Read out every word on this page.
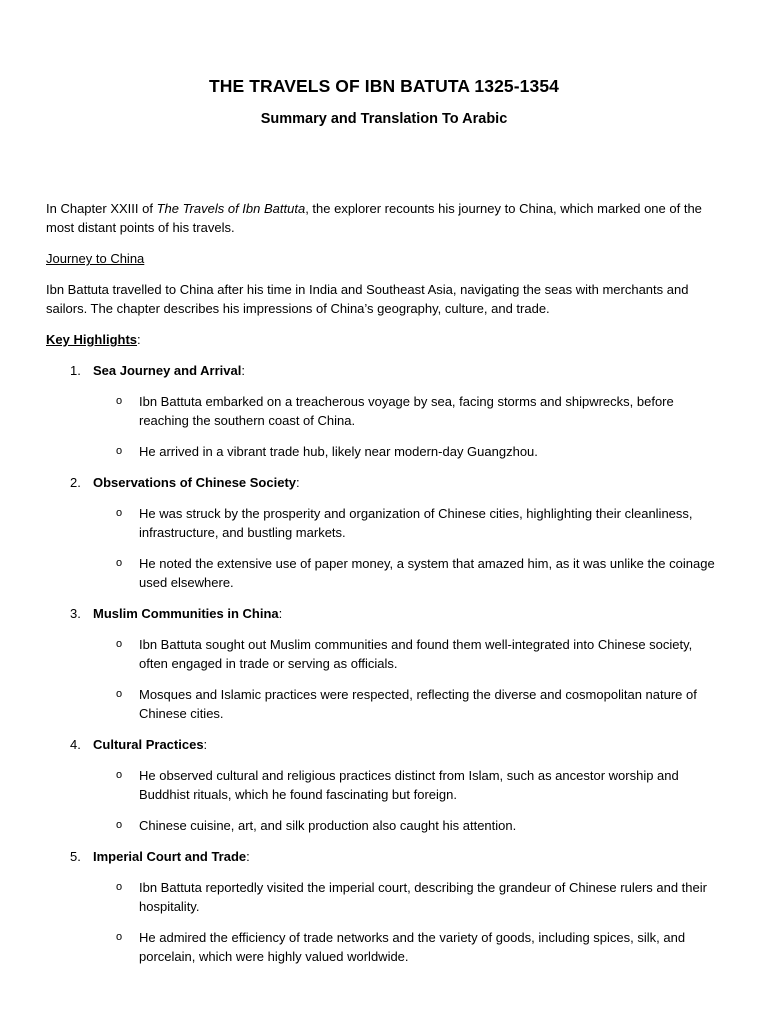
THE TRAVELS OF IBN BATUTA 1325-1354
Summary and Translation To Arabic

In Chapter XXIII of The Travels of Ibn Battuta, the explorer recounts his journey to China, which marked one of the most distant points of his travels.

Journey to China

Ibn Battuta travelled to China after his time in India and Southeast Asia, navigating the seas with merchants and sailors. The chapter describes his impressions of China’s geography, culture, and trade.

Key Highlights:

1. Sea Journey and Arrival:
o	Ibn Battuta embarked on a treacherous voyage by sea, facing storms and shipwrecks, before reaching the southern coast of China.
o	He arrived in a vibrant trade hub, likely near modern-day Guangzhou.
2. Observations of Chinese Society:
o	He was struck by the prosperity and organization of Chinese cities, highlighting their cleanliness, infrastructure, and bustling markets.
o	He noted the extensive use of paper money, a system that amazed him, as it was unlike the coinage used elsewhere.
3. Muslim Communities in China:
o	Ibn Battuta sought out Muslim communities and found them well-integrated into Chinese society, often engaged in trade or serving as officials.
o	Mosques and Islamic practices were respected, reflecting the diverse and cosmopolitan nature of Chinese cities.
4. Cultural Practices:
o	He observed cultural and religious practices distinct from Islam, such as ancestor worship and Buddhist rituals, which he found fascinating but foreign.
o	Chinese cuisine, art, and silk production also caught his attention.
5. Imperial Court and Trade:
o	Ibn Battuta reportedly visited the imperial court, describing the grandeur of Chinese rulers and their hospitality.
o	He admired the efficiency of trade networks and the variety of goods, including spices, silk, and porcelain, which were highly valued worldwide.
